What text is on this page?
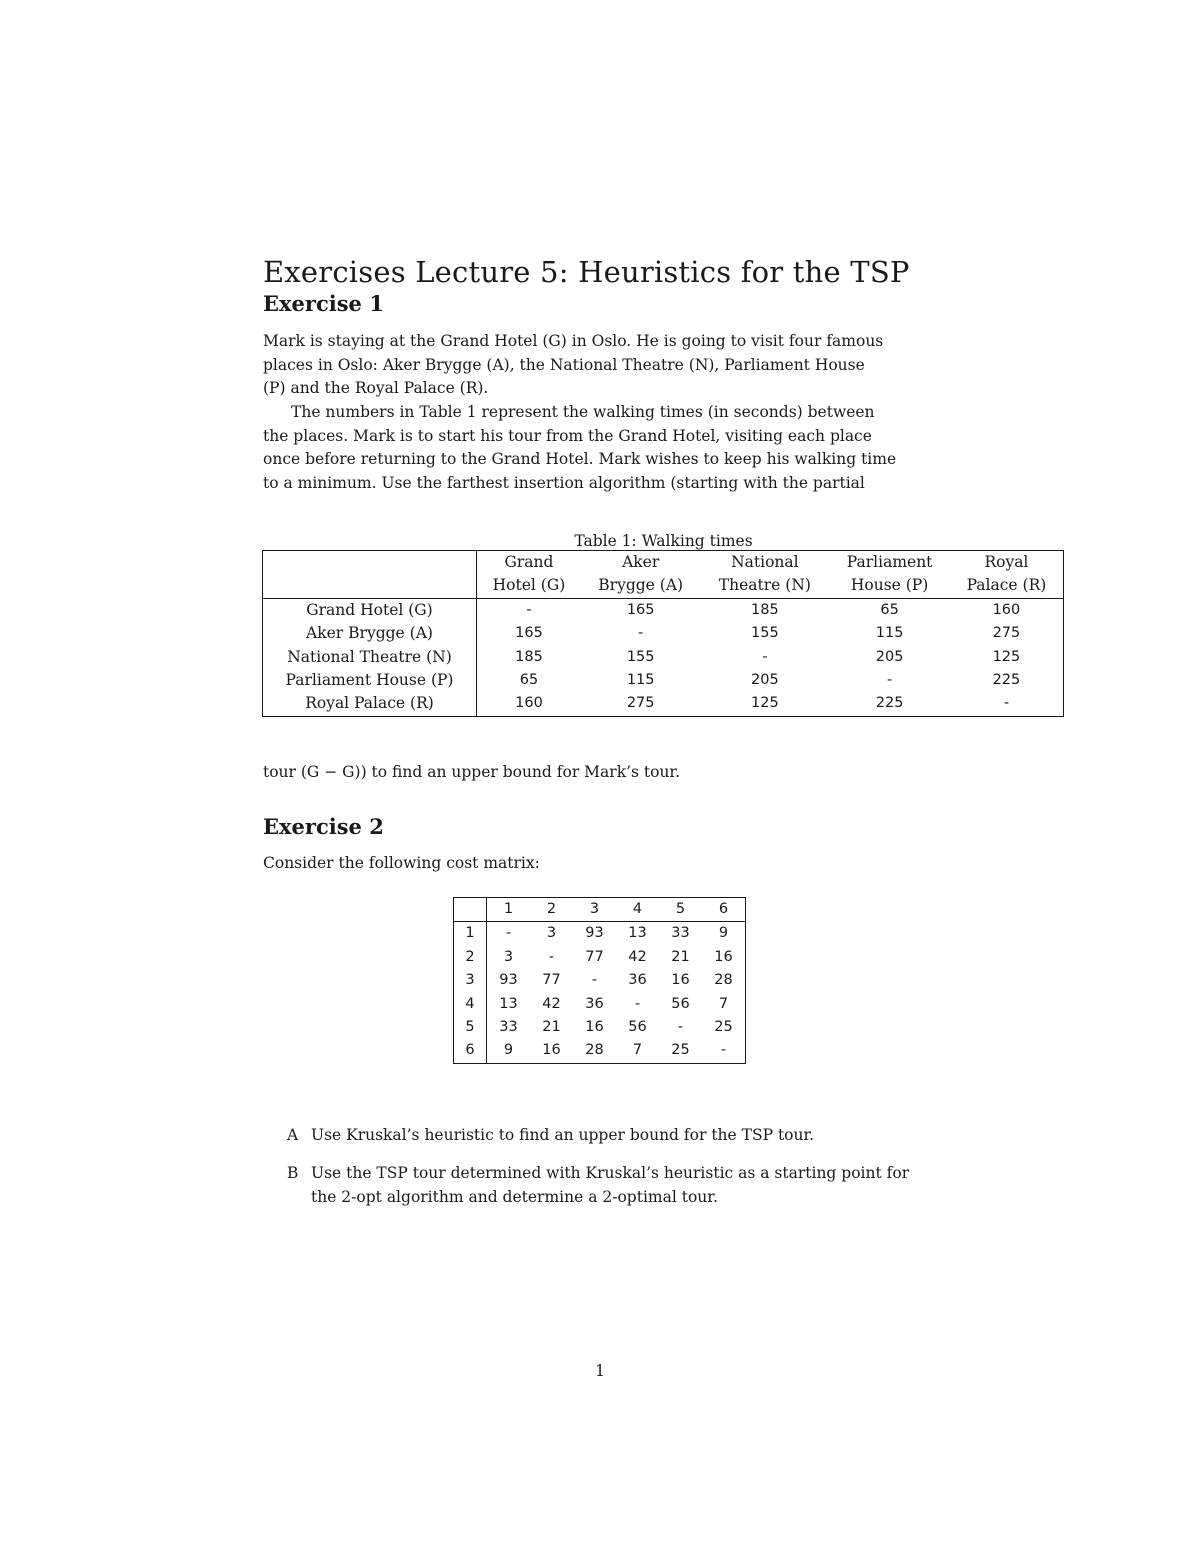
Exercises Lecture 5: Heuristics for the TSP
Exercise 1
Mark is staying at the Grand Hotel (G) in Oslo. He is going to visit four famous
places in Oslo: Aker Brygge (A), the National Theatre (N), Parliament House
(P) and the Royal Palace (R).
The numbers in Table 1 represent the walking times (in seconds) between
the places. Mark is to start his tour from the Grand Hotel, visiting each place
once before returning to the Grand Hotel. Mark wishes to keep his walking time
to a minimum. Use the farthest insertion algorithm (starting with the partial
Table 1: Walking times
	Grand	Aker	National	Parliament	Royal
	Hotel (G)	Brygge (A)	Theatre (N)	House (P)	Palace (R)
Grand Hotel (G)	-	165	185	65	160
Aker Brygge (A)	165	-	155	115	275
National Theatre (N)	185	155	-	205	125
Parliament House (P)	65	115	205	-	225
Royal Palace (R)	160	275	125	225	-
tour (G − G)) to find an upper bound for Mark’s tour.
Exercise 2
Consider the following cost matrix:
	1	2	3	4	5	6
1	-	3	93	13	33	9
2	3	-	77	42	21	16
3	93	77	-	36	16	28
4	13	42	36	-	56	7
5	33	21	16	56	-	25
6	9	16	28	7	25	-
A Use Kruskal’s heuristic to find an upper bound for the TSP tour.
B Use the TSP tour determined with Kruskal’s heuristic as a starting point for the 2-opt algorithm and determine a 2-optimal tour.
1
